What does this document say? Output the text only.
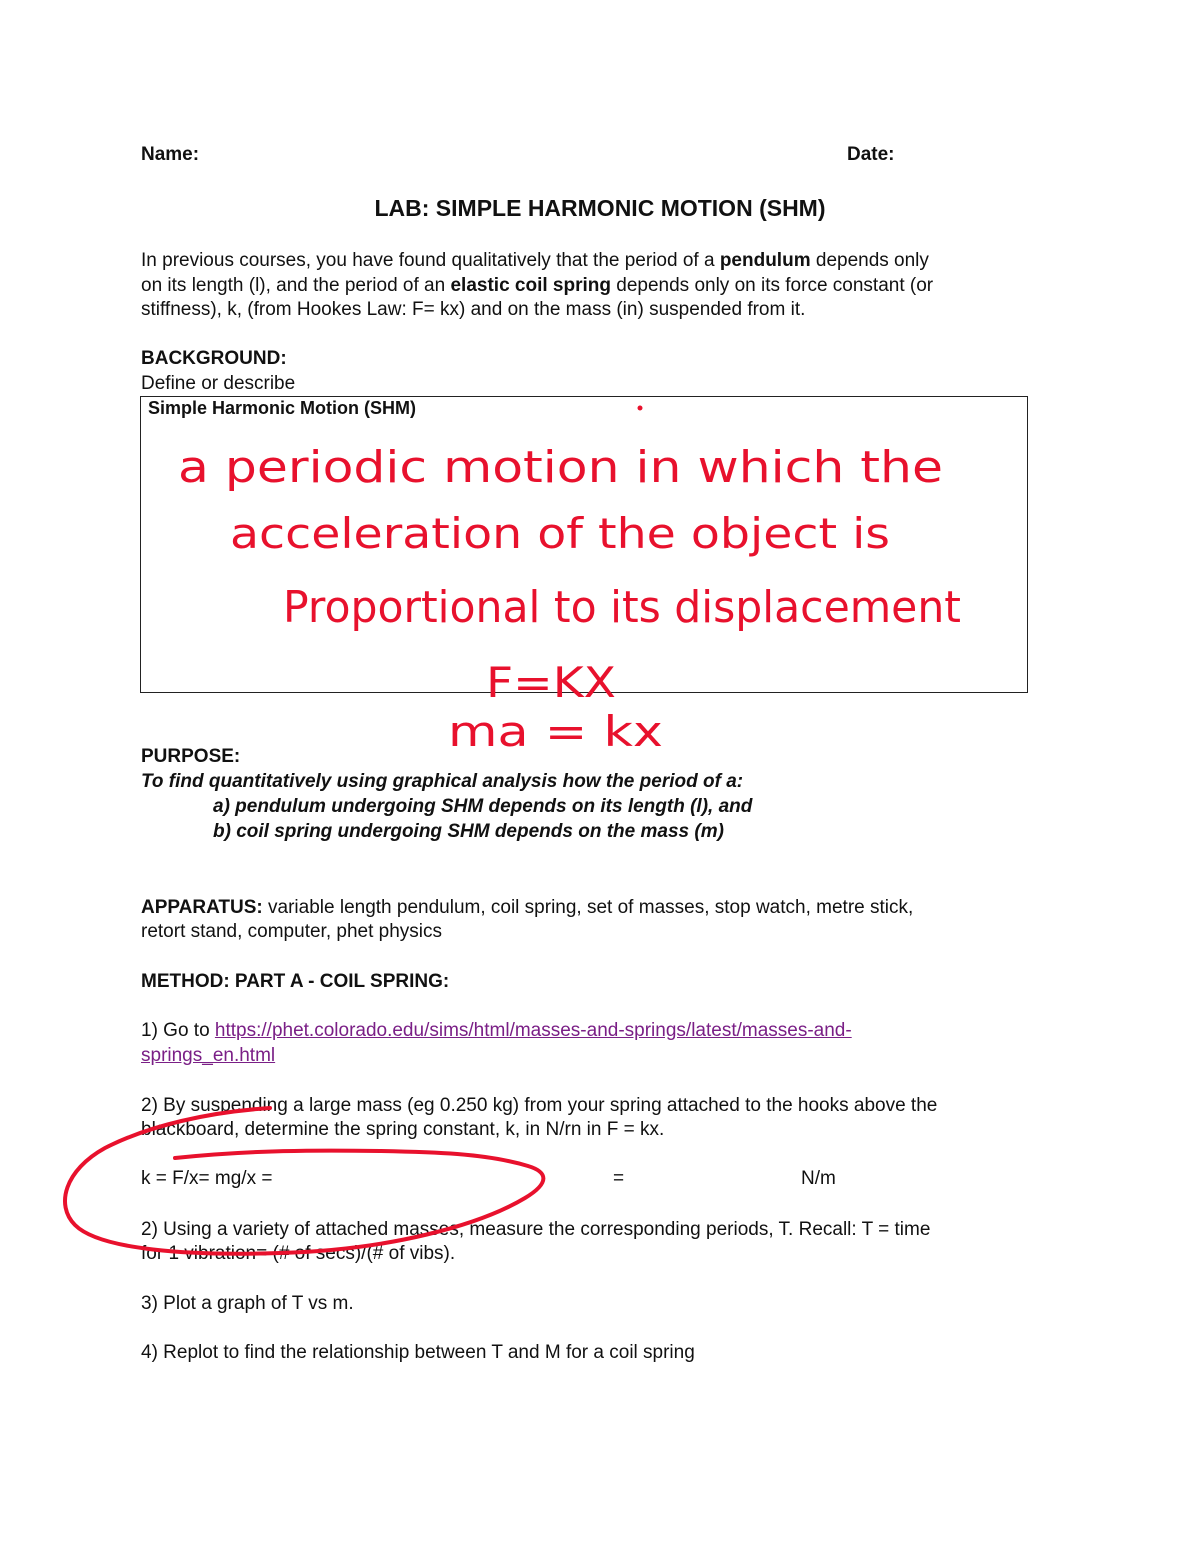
Name:	Date:

LAB: SIMPLE HARMONIC MOTION (SHM)

In previous courses, you have found qualitatively that the period of a pendulum depends only

on its length (l), and the period of an elastic coil spring depends only on its force constant (or

stiffness), k, (from Hookes Law: F= kx) and on the mass (in) suspended from it.

BACKGROUND:

Define or describe

Simple Harmonic Motion (SHM)

PURPOSE:

To find quantitatively using graphical analysis how the period of a:

a) pendulum undergoing SHM depends on its length (l), and

b) coil spring undergoing SHM depends on the mass (m)

APPARATUS: variable length pendulum, coil spring, set of masses, stop watch, metre stick,

retort stand, computer, phet physics

METHOD: PART A - COIL SPRING:

1) Go to https://phet.colorado.edu/sims/html/masses-and-springs/latest/masses-and-

springs_en.html

2) By suspending a large mass (eg 0.250 kg) from your spring attached to the hooks above the

blackboard, determine the spring constant, k, in N/rn in F = kx.

k = F/x= mg/x =	=	N/m

2) Using a variety of attached masses, measure the corresponding periods, T. Recall: T = time

for 1 vibration= (# of secs)/(# of vibs).

3) Plot a graph of T vs m.

4) Replot to find the relationship between T and M for a coil spring

a periodic motion in which the
acceleration of the object is
Proportional to its displacement
F=KX
ma = kx
